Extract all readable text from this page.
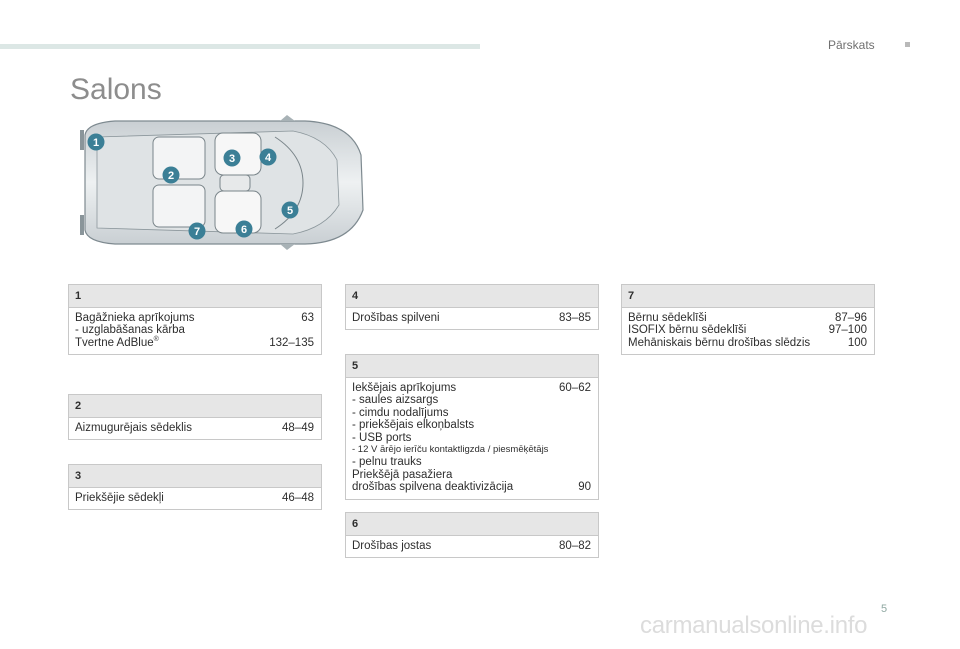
Pārskats
Salons
1
2
3	4
5
6
7
1
Bagāžnieka aprīkojums	63
- uzglabāšanas kārba
Tvertne AdBlue®	132–135
2
Aizmugurējais sēdeklis	48–49
3
Priekšējie sēdekļi	46–48
4
Drošības spilveni	83–85
5
Iekšējais aprīkojums	60–62
- saules aizsargs
- cimdu nodalījums
- priekšējais elkoņbalsts
- USB ports
- 12 V ārējo ierīču kontaktligzda / piesmēķētājs
- pelnu trauks
Priekšējā pasažiera
drošības spilvena deaktivizācija	90
6
Drošības jostas	80–82
7
Bērnu sēdeklīši	87–96
ISOFIX bērnu sēdeklīši	97–100
Mehāniskais bērnu drošības slēdzis	100
5
carmanualsonline.info
